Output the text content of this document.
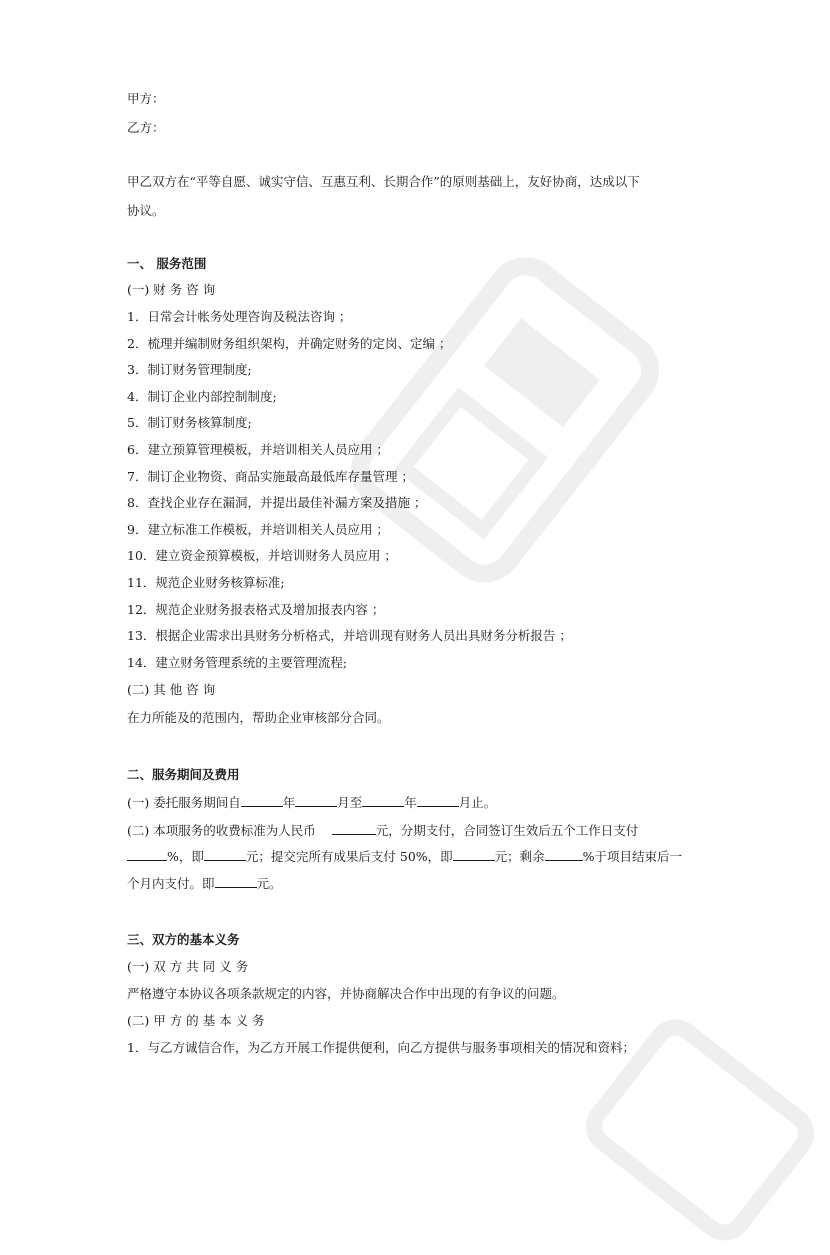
甲方：
乙方：
甲乙双方在“平等自愿、诚实守信、互惠互利、长期合作”的原则基础上，友好协商，达成以下
协议。
一、 服务范围
(一) 财 务 咨 询
1．日常会计帐务处理咨询及税法咨询 ；
2．梳理并编制财务组织架构，并确定财务的定岗、定编 ；
3．制订财务管理制度;
4．制订企业内部控制制度;
5．制订财务核算制度;
6．建立预算管理模板，并培训相关人员应用 ；
7．制订企业物资、商品实施最高最低库存量管理 ；
8．查找企业存在漏洞，并提出最佳补漏方案及措施 ；
9．建立标准工作模板，并培训相关人员应用 ；
10．建立资金预算模板，并培训财务人员应用 ；
11．规范企业财务核算标准;
12．规范企业财务报表格式及增加报表内容 ；
13．根据企业需求出具财务分析格式，并培训现有财务人员出具财务分析报告 ；
14．建立财务管理系统的主要管理流程;
(二) 其 他 咨 询
在力所能及的范围内，帮助企业审核部分合同。
二、服务期间及费用
(一) 委托服务期间自	年	月至	年	月止。
(二) 本项服务的收费标准为人民币	元，分期支付，合同签订生效后五个工作日支付
%，即	元；提交完所有成果后支付 50%，即	元；剩余	%于项目结束后一
个月内支付。即	元。
三、双方的基本义务
(一) 双 方 共 同 义 务
严格遵守本协议各项条款规定的内容，并协商解决合作中出现的有争议的问题。
(二) 甲 方 的 基 本 义 务
1．与乙方诚信合作，为乙方开展工作提供便利，向乙方提供与服务事项相关的情况和资料；
